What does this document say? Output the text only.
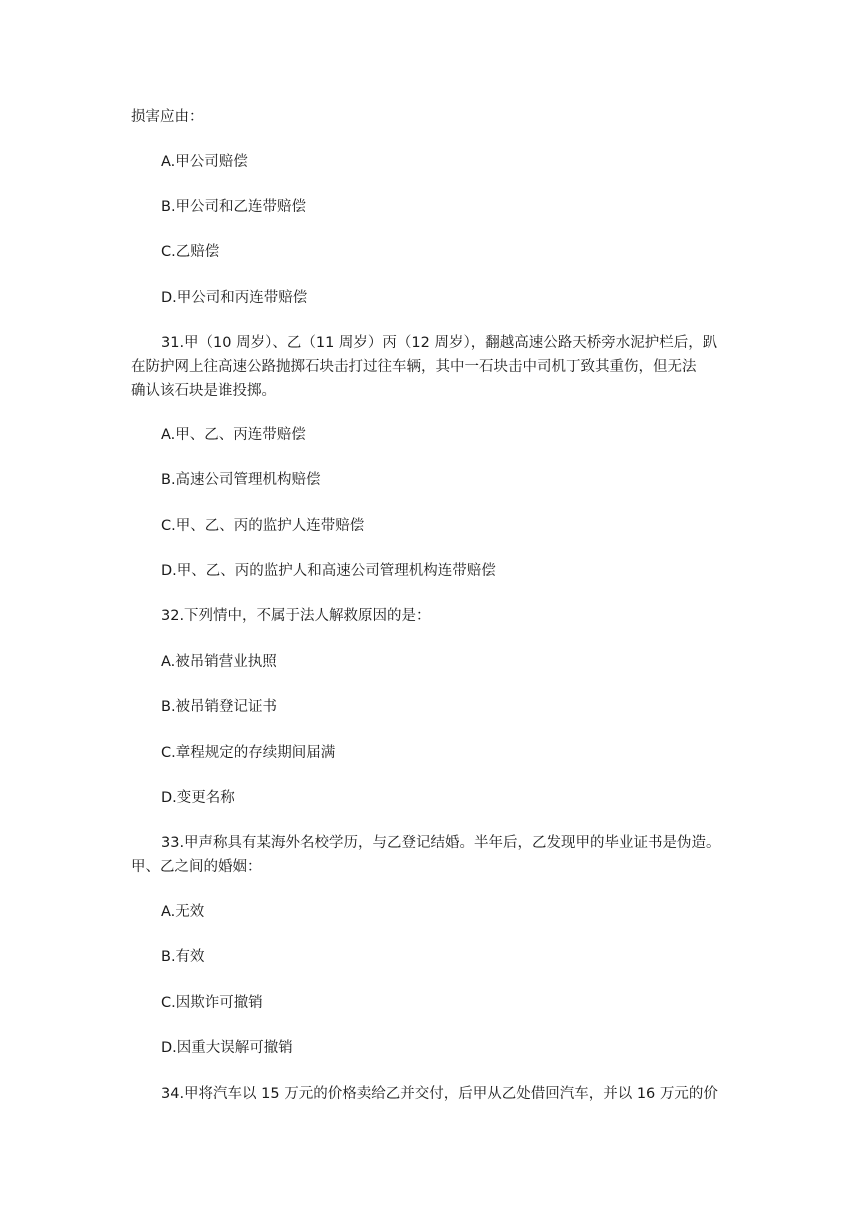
损害应由：

A.甲公司赔偿

B.甲公司和乙连带赔偿

C.乙赔偿

D.甲公司和丙连带赔偿

31.甲（10 周岁）、乙（11 周岁）丙（12 周岁），翻越高速公路天桥旁水泥护栏后，趴

在防护网上往高速公路抛掷石块击打过往车辆，其中一石块击中司机丁致其重伤，但无法

确认该石块是谁投掷。

A.甲、乙、丙连带赔偿

B.高速公司管理机构赔偿

C.甲、乙、丙的监护人连带赔偿

D.甲、乙、丙的监护人和高速公司管理机构连带赔偿

32.下列情中，不属于法人解救原因的是：

A.被吊销营业执照

B.被吊销登记证书

C.章程规定的存续期间届满

D.变更名称

33.甲声称具有某海外名校学历，与乙登记结婚。半年后，乙发现甲的毕业证书是伪造。

甲、乙之间的婚姻：

A.无效

B.有效

C.因欺诈可撤销

D.因重大误解可撤销

34.甲将汽车以 15 万元的价格卖给乙并交付，后甲从乙处借回汽车，并以 16 万元的价
